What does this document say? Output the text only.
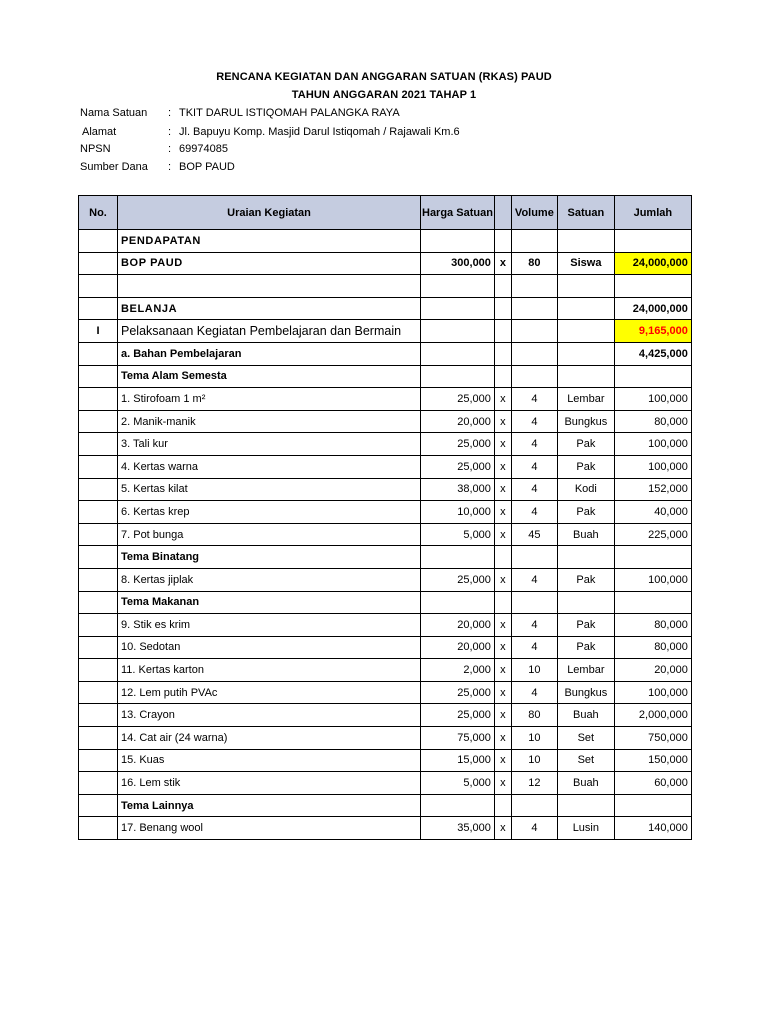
RENCANA KEGIATAN DAN ANGGARAN SATUAN (RKAS) PAUD
TAHUN ANGGARAN 2021 TAHAP 1
Nama Satuan : TKIT DARUL ISTIQOMAH PALANGKA RAYA
Alamat	: Jl. Bapuyu Komp. Masjid Darul Istiqomah / Rajawali Km.6
NPSN	: 69974085
Sumber Dana : BOP PAUD
No.	Uraian Kegiatan	Harga Satuan		Volume	Satuan	Jumlah
	PENDAPATAN					
	BOP PAUD	300,000	x	80	Siswa	24,000,000

	BELANJA					24,000,000
I	Pelaksanaan Kegiatan Pembelajaran dan Bermain					9,165,000
	a. Bahan Pembelajaran					4,425,000
	Tema Alam Semesta					
	1. Stirofoam 1 m²	25,000	x	4	Lembar	100,000
	2. Manik-manik	20,000	x	4	Bungkus	80,000
	3. Tali kur	25,000	x	4	Pak	100,000
	4. Kertas warna	25,000	x	4	Pak	100,000
	5. Kertas kilat	38,000	x	4	Kodi	152,000
	6. Kertas krep	10,000	x	4	Pak	40,000
	7. Pot bunga	5,000	x	45	Buah	225,000
	Tema Binatang					
	8. Kertas jiplak	25,000	x	4	Pak	100,000
	Tema Makanan					
	9. Stik es krim	20,000	x	4	Pak	80,000
	10. Sedotan	20,000	x	4	Pak	80,000
	11. Kertas karton	2,000	x	10	Lembar	20,000
	12. Lem putih PVAc	25,000	x	4	Bungkus	100,000
	13. Crayon	25,000	x	80	Buah	2,000,000
	14. Cat air (24 warna)	75,000	x	10	Set	750,000
	15. Kuas	15,000	x	10	Set	150,000
	16. Lem stik	5,000	x	12	Buah	60,000
	Tema Lainnya					
	17. Benang wool	35,000	x	4	Lusin	140,000
